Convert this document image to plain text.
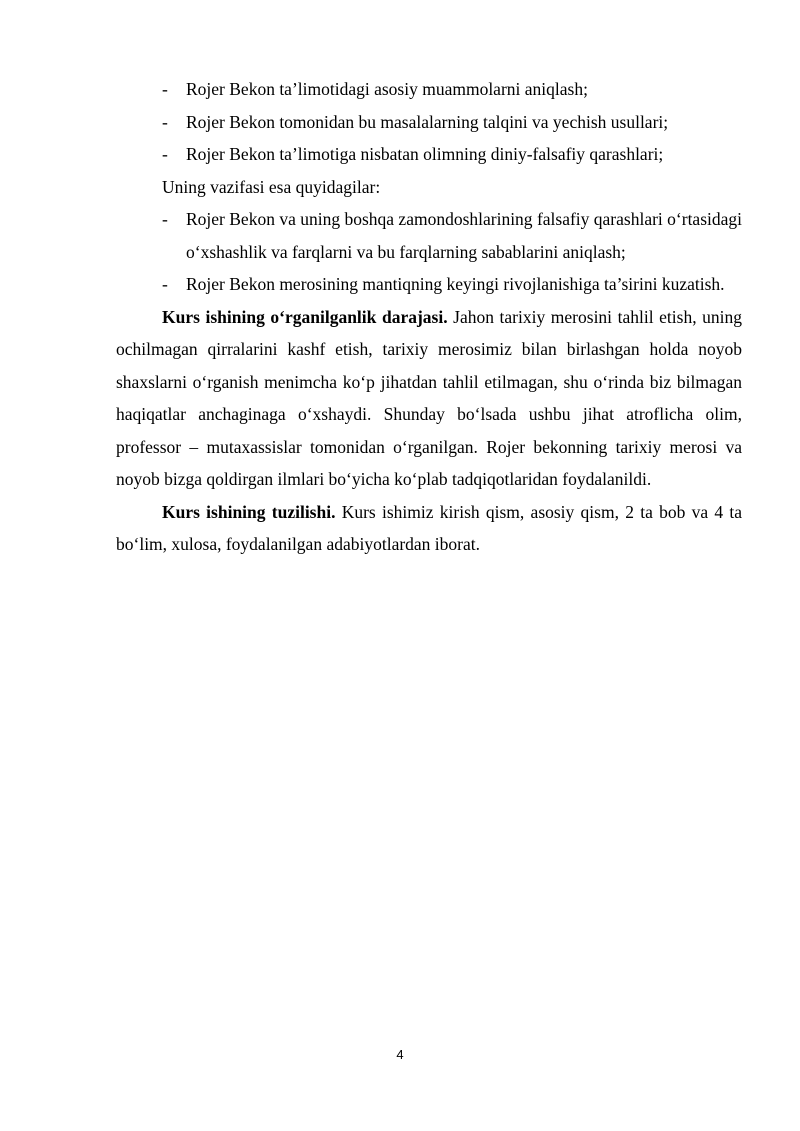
-	Rojer Bekon ta’limotidagi asosiy muammolarni aniqlash;
-	Rojer Bekon tomonidan bu masalalarning talqini va yechish usullari;
-	Rojer Bekon ta’limotiga nisbatan olimning diniy-falsafiy qarashlari;
Uning vazifasi esa quyidagilar:
-	Rojer Bekon va uning boshqa zamondoshlarining falsafiy qarashlari o‘rtasidagi o‘xshashlik va farqlarni va bu farqlarning sabablarini aniqlash;
-	Rojer Bekon merosining mantiqning keyingi rivojlanishiga ta’sirini kuzatish.

Kurs ishining o‘rganilganlik darajasi. Jahon tarixiy merosini tahlil etish, uning ochilmagan qirralarini kashf etish, tarixiy merosimiz bilan birlashgan holda noyob shaxslarni o‘rganish menimcha ko‘p jihatdan tahlil etilmagan, shu o‘rinda biz bilmagan haqiqatlar anchaginaga o‘xshaydi. Shunday bo‘lsada ushbu jihat atroflicha olim, professor – mutaxassislar tomonidan o‘rganilgan. Rojer bekonning tarixiy merosi va noyob bizga qoldirgan ilmlari bo‘yicha ko‘plab tadqiqotlaridan foydalanildi.

Kurs ishining tuzilishi. Kurs ishimiz kirish qism, asosiy qism, 2 ta bob va 4 ta bo‘lim, xulosa, foydalanilgan adabiyotlardan iborat.

4
